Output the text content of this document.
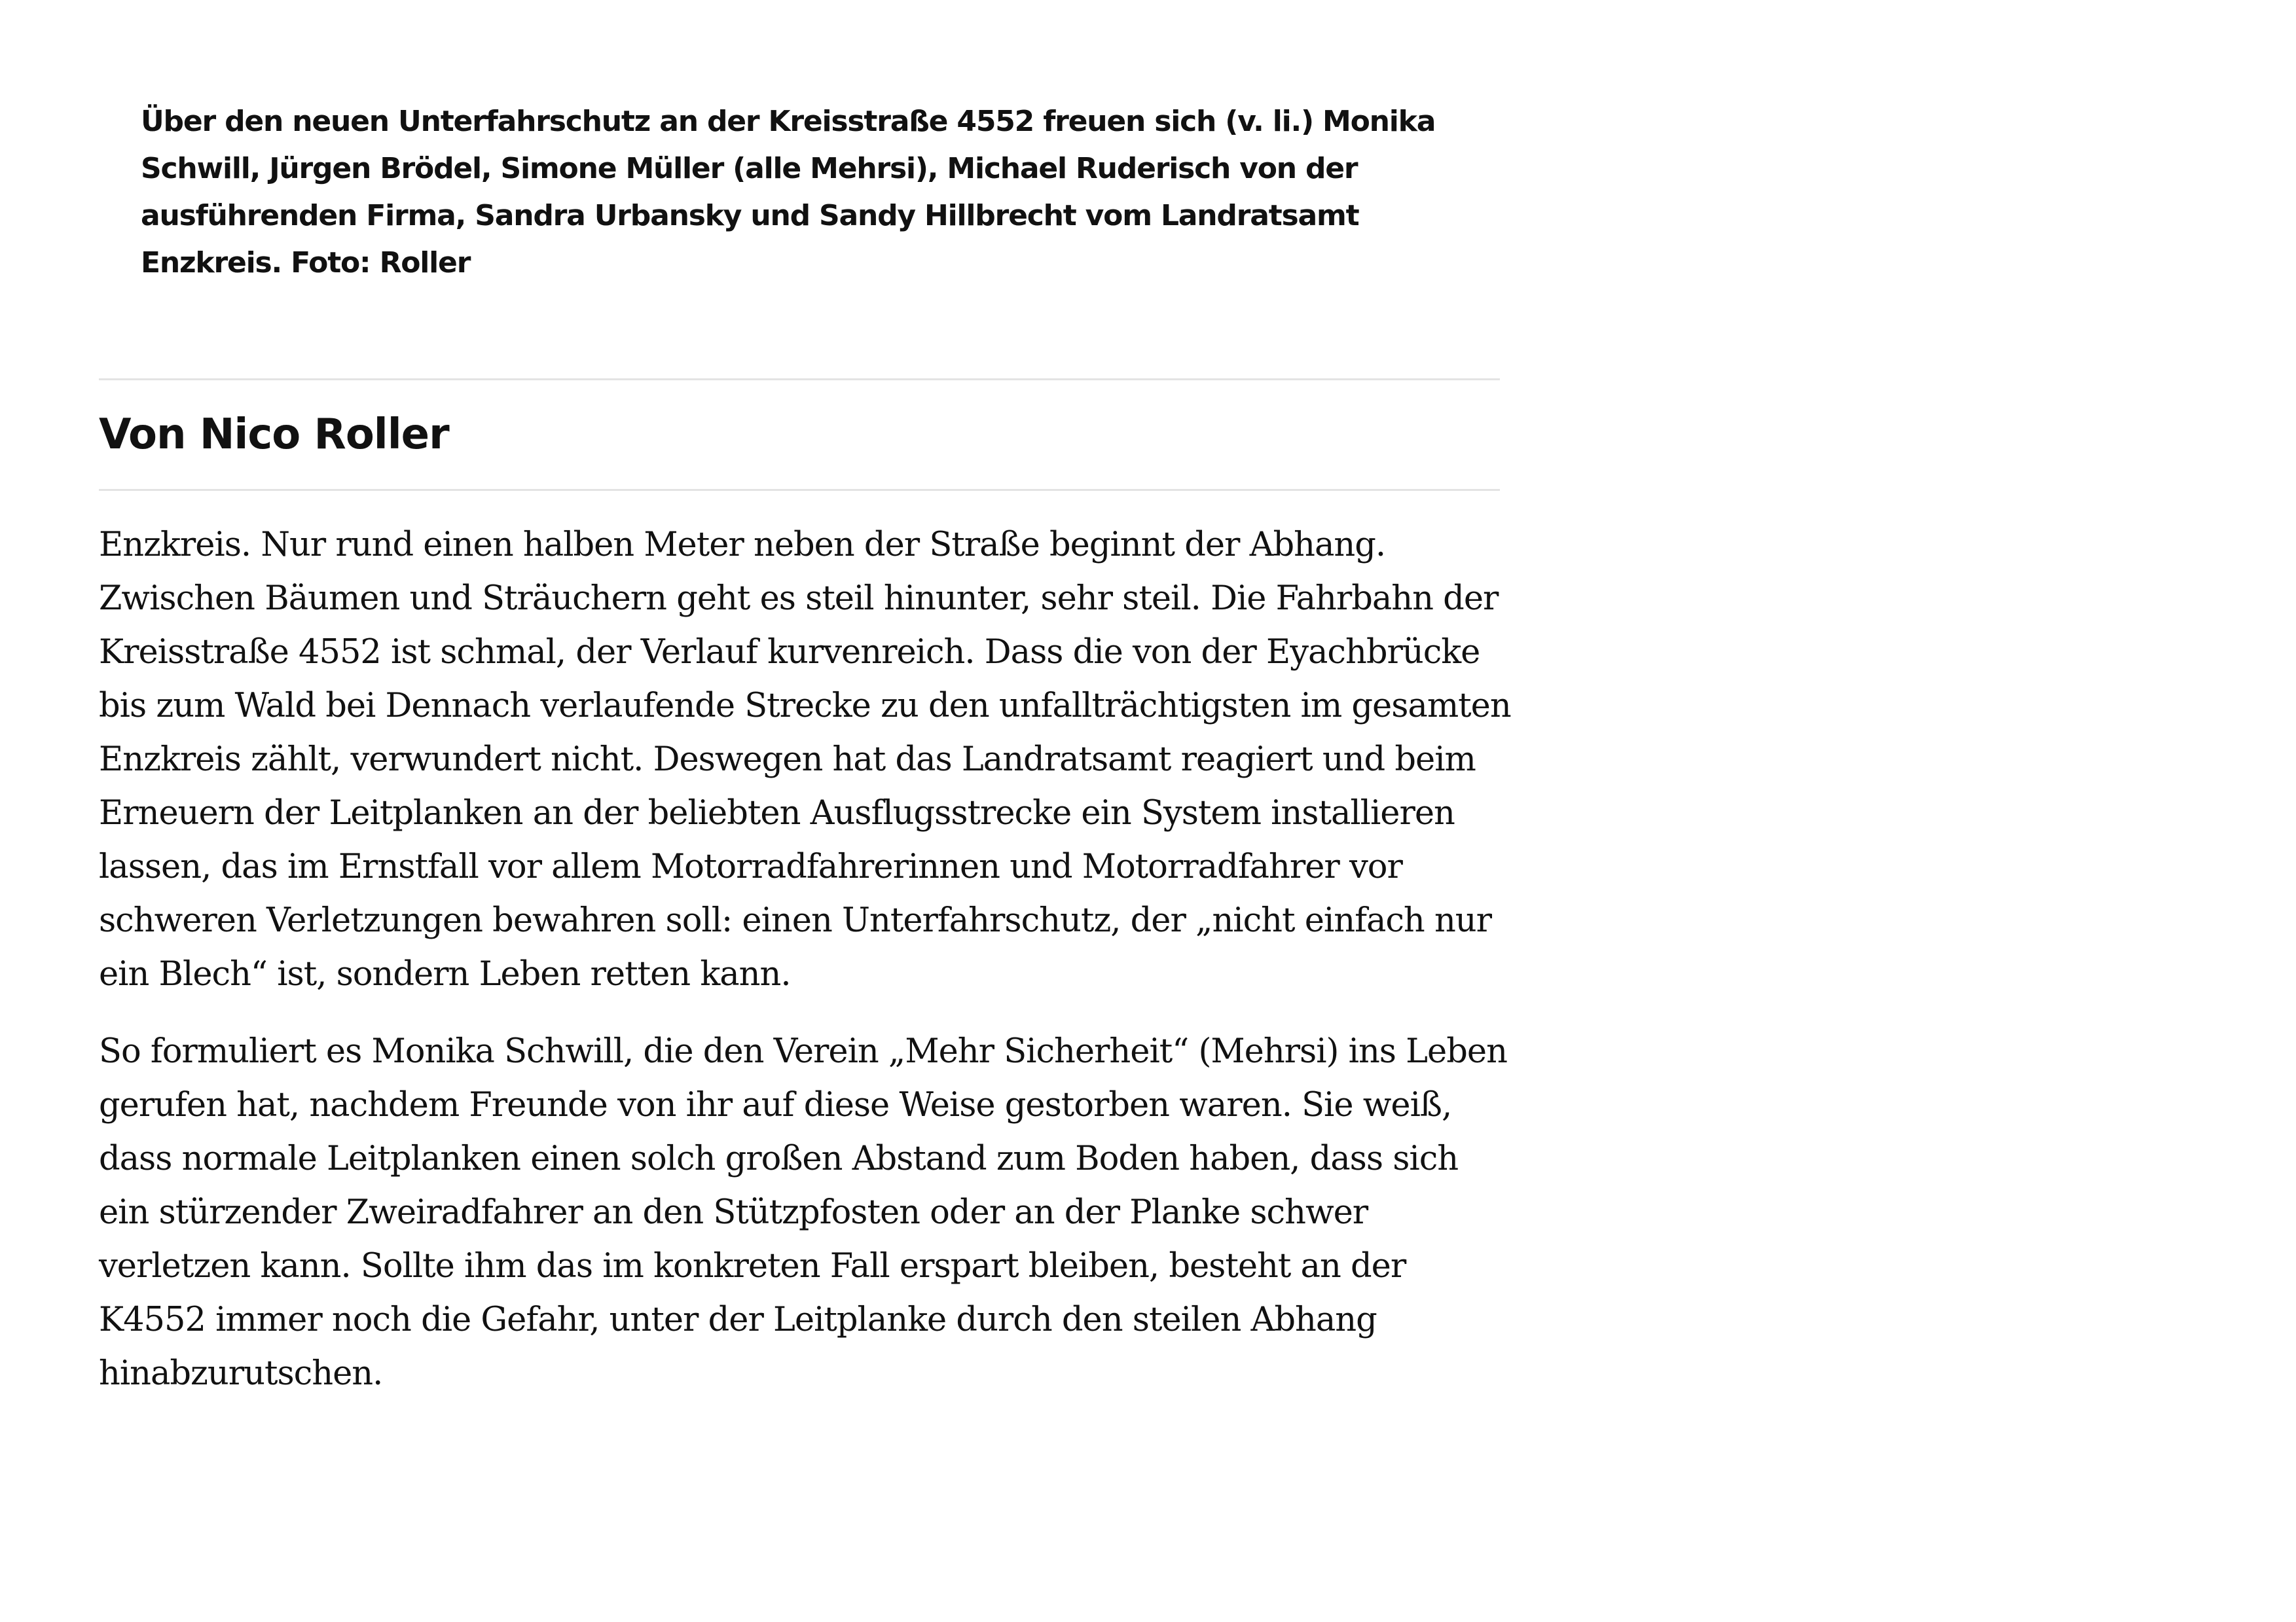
Über den neuen Unterfahrschutz an der Kreisstraße 4552 freuen sich (v. li.) Monika Schwill, Jürgen Brödel, Simone Müller (alle Mehrsi), Michael Ruderisch von der ausführenden Firma, Sandra Urbansky und Sandy Hillbrecht vom Landratsamt Enzkreis. Foto: Roller

Von Nico Roller

Enzkreis. Nur rund einen halben Meter neben der Straße beginnt der Abhang. Zwischen Bäumen und Sträuchern geht es steil hinunter, sehr steil. Die Fahrbahn der Kreisstraße 4552 ist schmal, der Verlauf kurvenreich. Dass die von der Eyachbrücke bis zum Wald bei Dennach verlaufende Strecke zu den unfallträchtigsten im gesamten Enzkreis zählt, verwundert nicht. Deswegen hat das Landratsamt reagiert und beim Erneuern der Leitplanken an der beliebten Ausflugsstrecke ein System installieren lassen, das im Ernstfall vor allem Motorradfahrerinnen und Motorradfahrer vor schweren Verletzungen bewahren soll: einen Unterfahrschutz, der „nicht einfach nur ein Blech“ ist, sondern Leben retten kann.

So formuliert es Monika Schwill, die den Verein „Mehr Sicherheit“ (Mehrsi) ins Leben gerufen hat, nachdem Freunde von ihr auf diese Weise gestorben waren. Sie weiß, dass normale Leitplanken einen solch großen Abstand zum Boden haben, dass sich ein stürzender Zweiradfahrer an den Stützpfosten oder an der Planke schwer verletzen kann. Sollte ihm das im konkreten Fall erspart bleiben, besteht an der K4552 immer noch die Gefahr, unter der Leitplanke durch den steilen Abhang hinabzurutschen.
